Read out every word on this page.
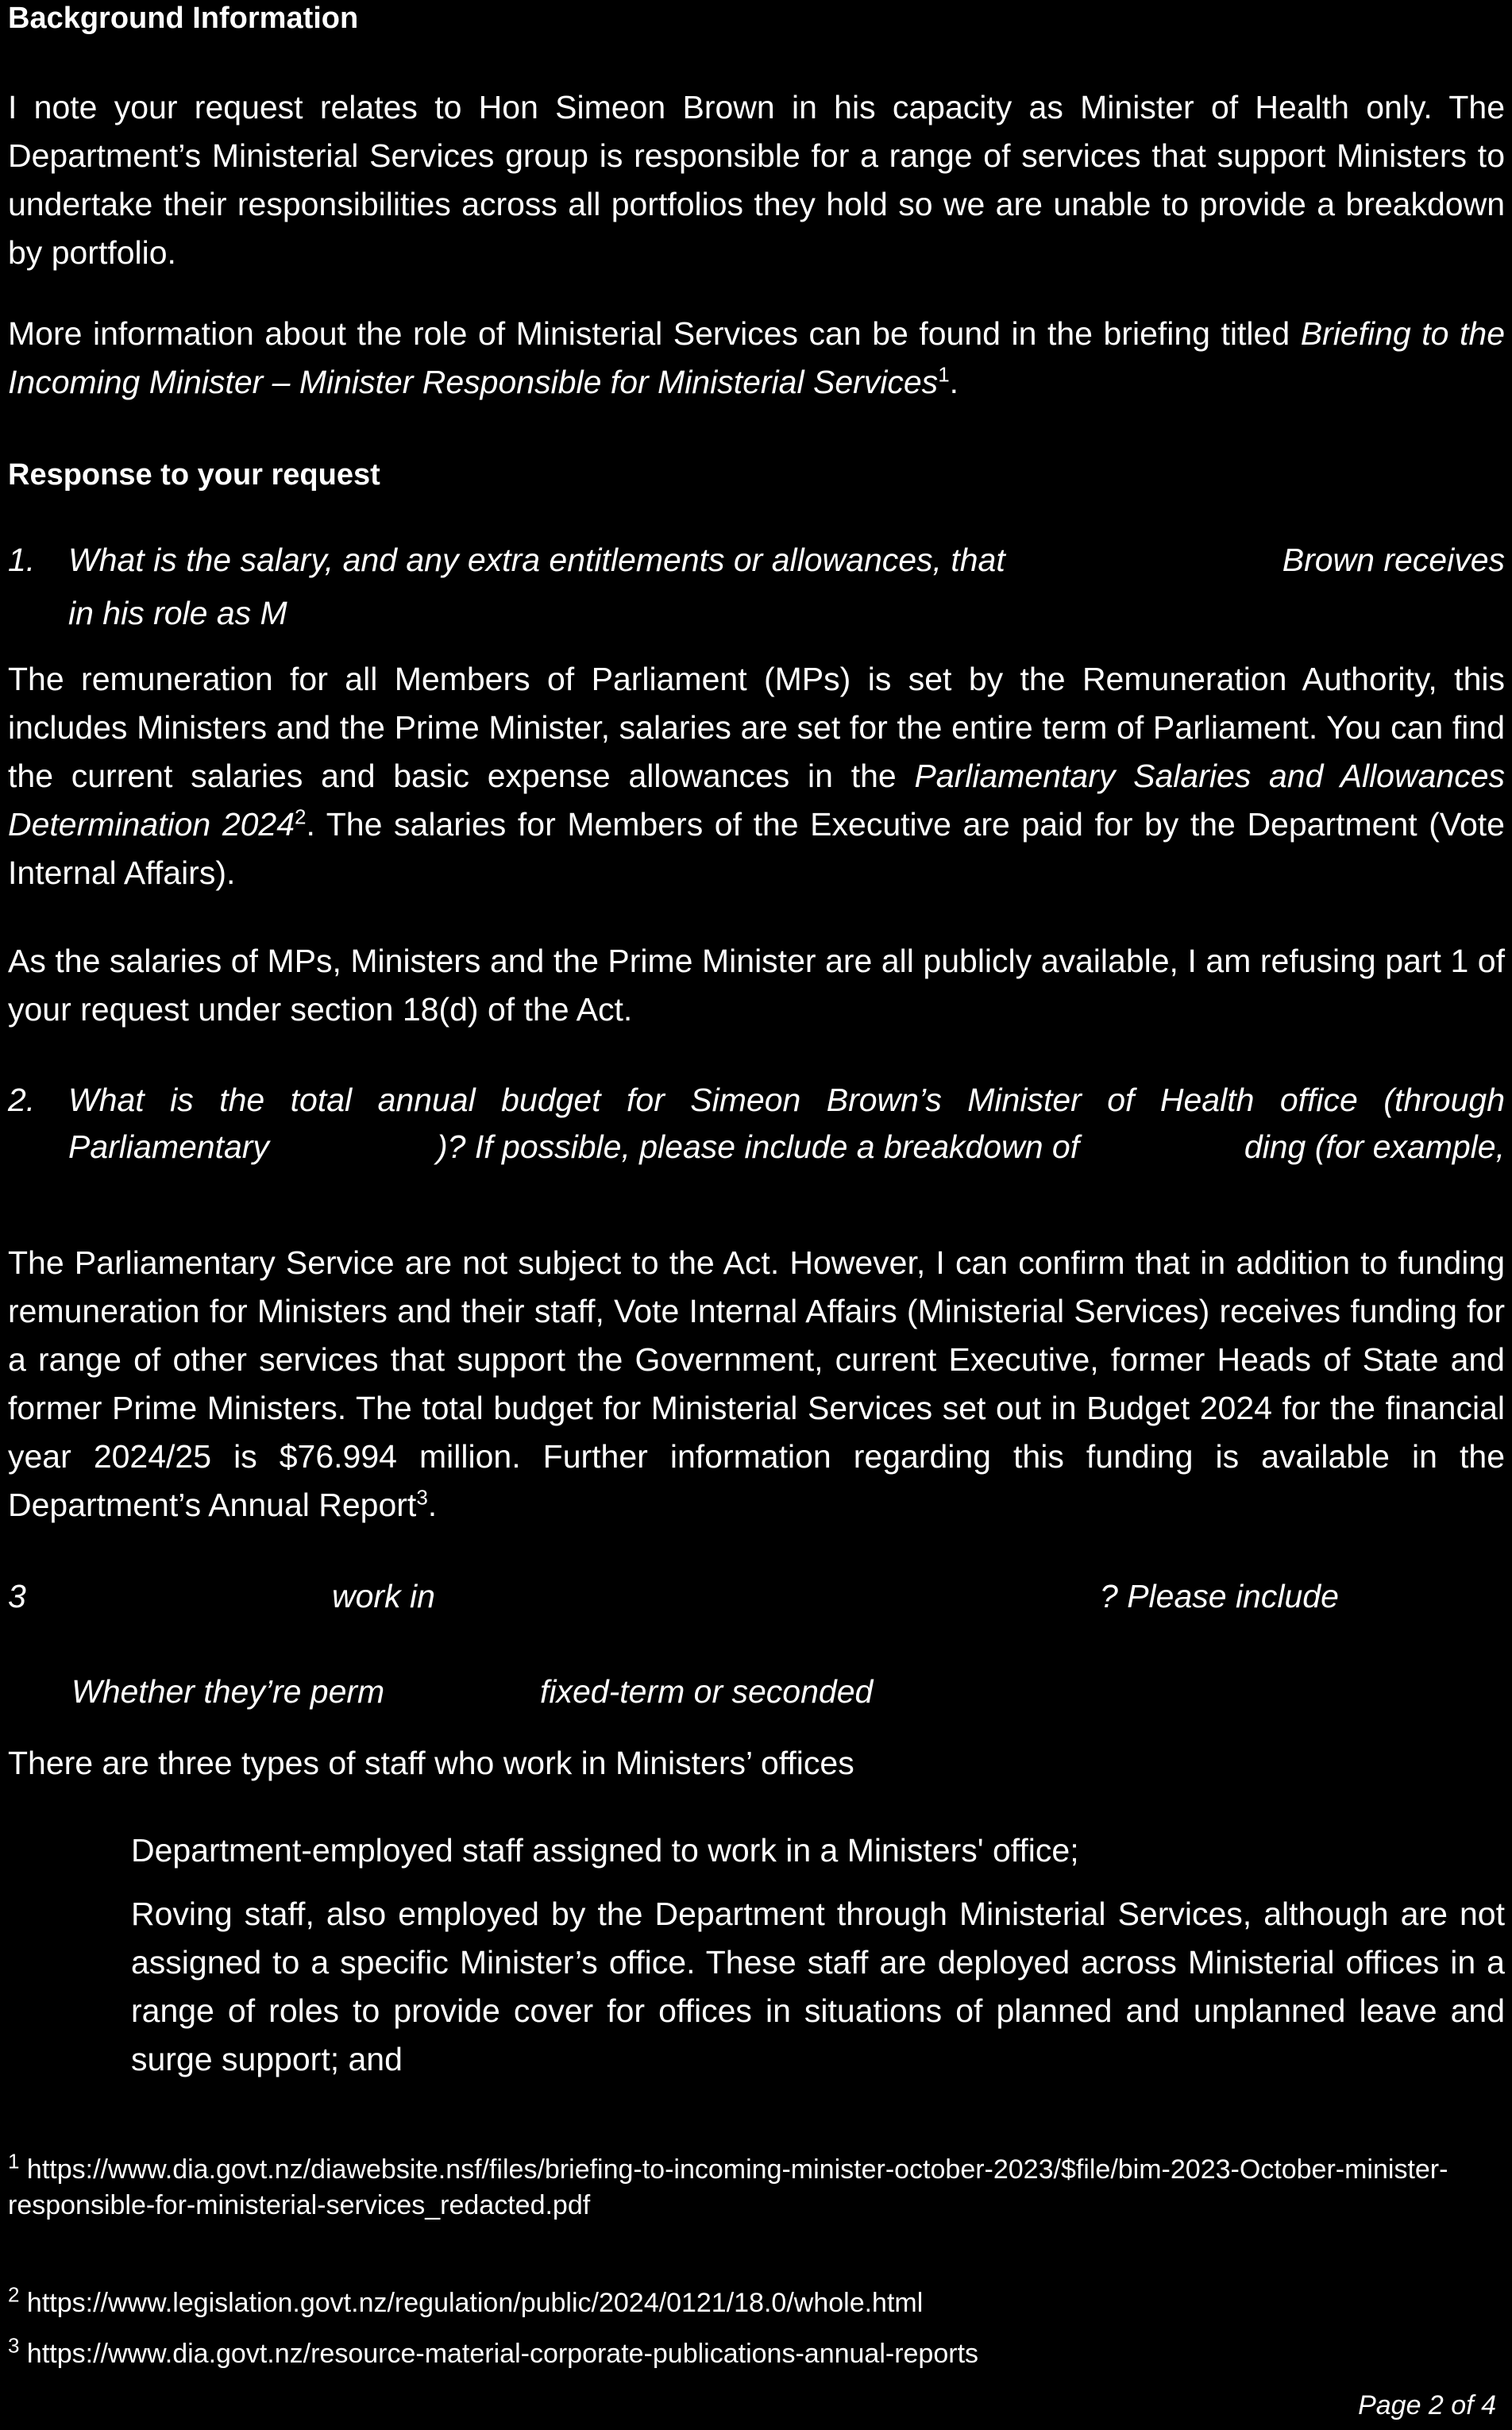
Background Information
I note your request relates to Hon Simeon Brown in his capacity as Minister of Health only. The Department’s Ministerial Services group is responsible for a range of services that support Ministers to undertake their responsibilities across all portfolios they hold so we are unable to provide a breakdown by portfolio.
More information about the role of Ministerial Services can be found in the briefing titled Briefing to the Incoming Minister – Minister Responsible for Ministerial Services$^1$.
Response to your request
1. What is the salary, and any extra entitlements or allowances, that	Brown receives
in his role as M
The remuneration for all Members of Parliament (MPs) is set by the Remuneration Authority, this includes Ministers and the Prime Minister, salaries are set for the entire term of Parliament. You can find the current salaries and basic expense allowances in the Parliamentary Salaries and Allowances Determination 2024$^2$. The salaries for Members of the Executive are paid for by the Department (Vote Internal Affairs).
As the salaries of MPs, Ministers and the Prime Minister are all publicly available, I am refusing part 1 of your request under section 18(d) of the Act.
2. What is the total annual budget for Simeon Brown’s Minister of Health office (through
Parliamentary	)? If possible, please include a breakdown of	ding (for example,
The Parliamentary Service are not subject to the Act. However, I can confirm that in addition to funding remuneration for Ministers and their staff, Vote Internal Affairs (Ministerial Services) receives funding for a range of other services that support the Government, current Executive, former Heads of State and former Prime Ministers. The total budget for Ministerial Services set out in Budget 2024 for the financial year 2024/25 is $76.994 million. Further information regarding this funding is available in the Department’s Annual Report$^3$.
3	work in	? Please include
Whether they’re perm	fixed-term or seconded
There are three types of staff who work in Ministers’ offices
Department-employed staff assigned to work in a Ministers' office;
Roving staff, also employed by the Department through Ministerial Services, although are not assigned to a specific Minister’s office. These staff are deployed across Ministerial offices in a range of roles to provide cover for offices in situations of planned and unplanned leave and surge support; and
$^1$ https://www.dia.govt.nz/diawebsite.nsf/files/briefing-to-incoming-minister-october-2023/$file/bim-2023-October-minister-responsible-for-ministerial-services_redacted.pdf
$^2$ https://www.legislation.govt.nz/regulation/public/2024/0121/18.0/whole.html
$^3$ https://www.dia.govt.nz/resource-material-corporate-publications-annual-reports
Page 2 of 4
